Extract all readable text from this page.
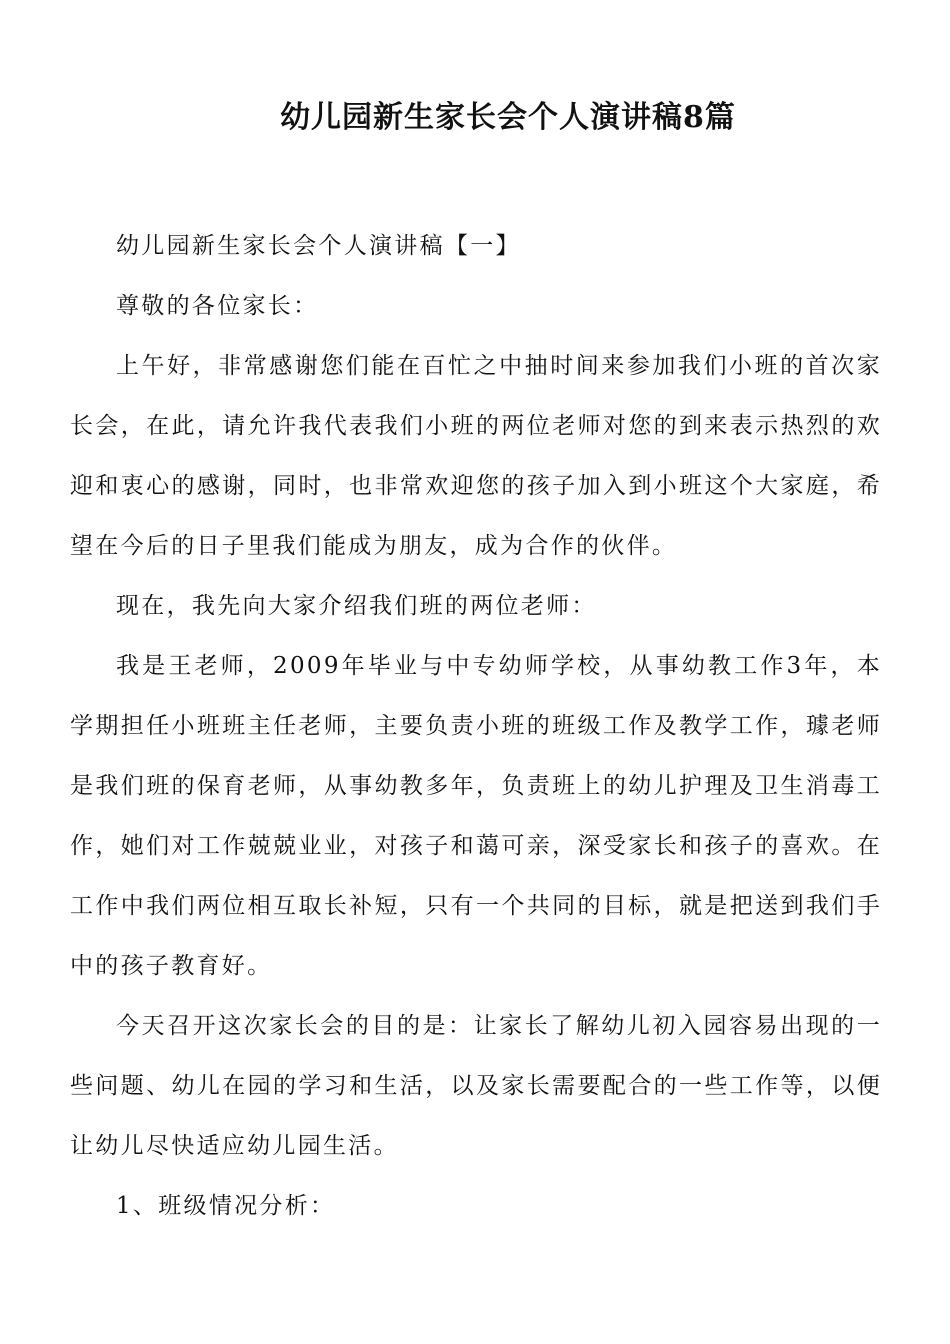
幼儿园新生家长会个人演讲稿8篇

幼儿园新生家长会个人演讲稿【一】

尊敬的各位家长：

上午好，非常感谢您们能在百忙之中抽时间来参加我们小班的首次家长会，在此，请允许我代表我们小班的两位老师对您的到来表示热烈的欢迎和衷心的感谢，同时，也非常欢迎您的孩子加入到小班这个大家庭，希望在今后的日子里我们能成为朋友，成为合作的伙伴。

现在，我先向大家介绍我们班的两位老师：

我是王老师，2009年毕业与中专幼师学校，从事幼教工作3年，本学期担任小班班主任老师，主要负责小班的班级工作及教学工作，璩老师是我们班的保育老师，从事幼教多年，负责班上的幼儿护理及卫生消毒工作，她们对工作兢兢业业，对孩子和蔼可亲，深受家长和孩子的喜欢。在工作中我们两位相互取长补短，只有一个共同的目标，就是把送到我们手中的孩子教育好。

今天召开这次家长会的目的是：让家长了解幼儿初入园容易出现的一些问题、幼儿在园的学习和生活，以及家长需要配合的一些工作等，以便让幼儿尽快适应幼儿园生活。

1、班级情况分析：
